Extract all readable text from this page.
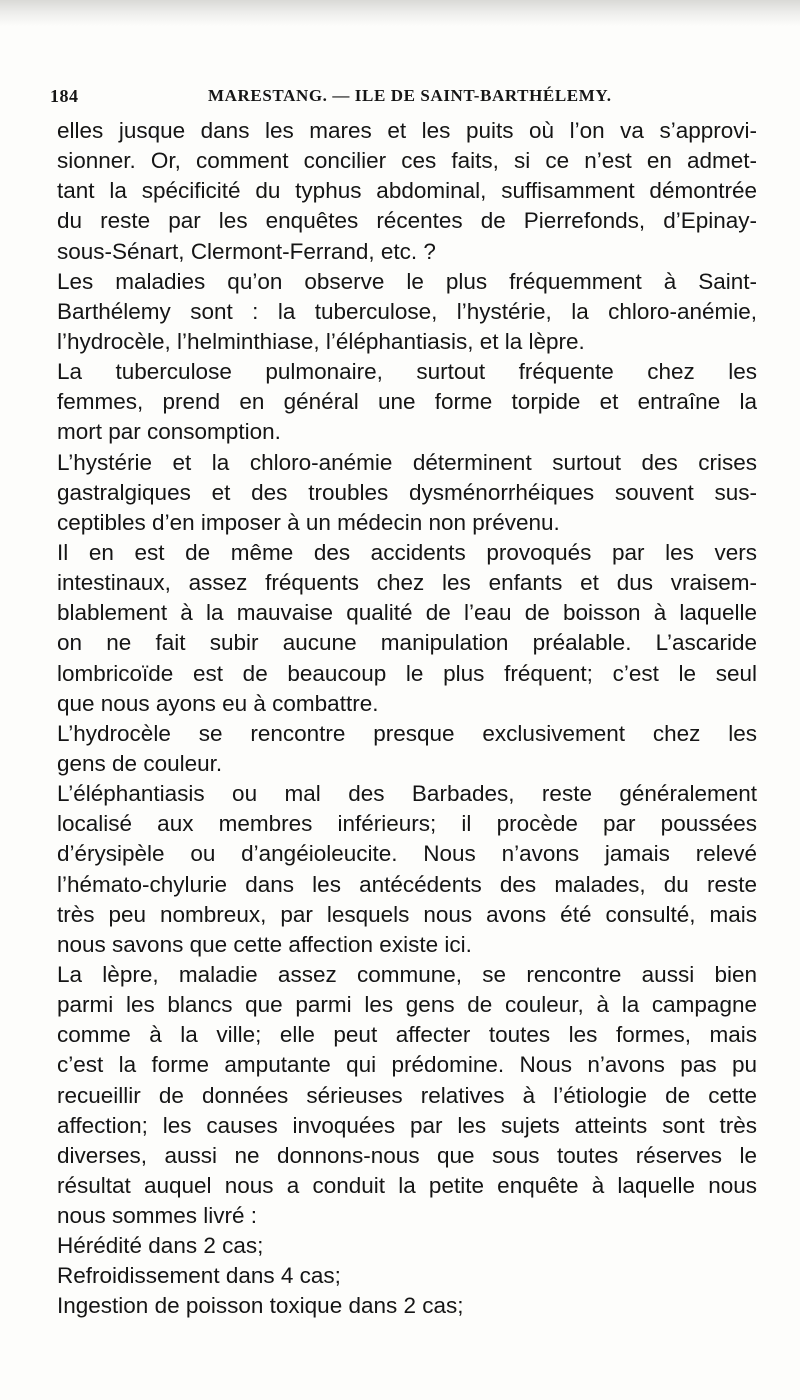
184	MARESTANG. — ILE DE SAINT-BARTHÉLEMY.
elles jusque dans les mares et les puits où l’on va s’approvi-
sionner. Or, comment concilier ces faits, si ce n’est en admet-
tant la spécificité du typhus abdominal, suffisamment démontrée
du reste par les enquêtes récentes de Pierrefonds, d’Epinay-
sous-Sénart, Clermont-Ferrand, etc. ?
Les maladies qu’on observe le plus fréquemment à Saint-
Barthélemy sont : la tuberculose, l’hystérie, la chloro-anémie,
l’hydrocèle, l’helminthiase, l’éléphantiasis, et la lèpre.
La tuberculose pulmonaire, surtout fréquente chez les
femmes, prend en général une forme torpide et entraîne la
mort par consomption.
L’hystérie et la chloro-anémie déterminent surtout des crises
gastralgiques et des troubles dysménorrhéiques souvent sus-
ceptibles d’en imposer à un médecin non prévenu.
Il en est de même des accidents provoqués par les vers
intestinaux, assez fréquents chez les enfants et dus vraisem-
blablement à la mauvaise qualité de l’eau de boisson à laquelle
on ne fait subir aucune manipulation préalable. L’ascaride
lombricoïde est de beaucoup le plus fréquent; c’est le seul
que nous ayons eu à combattre.
L’hydrocèle se rencontre presque exclusivement chez les
gens de couleur.
L’éléphantiasis ou mal des Barbades, reste généralement
localisé aux membres inférieurs; il procède par poussées
d’érysipèle ou d’angéioleucite. Nous n’avons jamais relevé
l’hémato-chylurie dans les antécédents des malades, du reste
très peu nombreux, par lesquels nous avons été consulté, mais
nous savons que cette affection existe ici.
La lèpre, maladie assez commune, se rencontre aussi bien
parmi les blancs que parmi les gens de couleur, à la campagne
comme à la ville; elle peut affecter toutes les formes, mais
c’est la forme amputante qui prédomine. Nous n’avons pas pu
recueillir de données sérieuses relatives à l’étiologie de cette
affection; les causes invoquées par les sujets atteints sont très
diverses, aussi ne donnons-nous que sous toutes réserves le
résultat auquel nous a conduit la petite enquête à laquelle nous
nous sommes livré :
Hérédité dans 2 cas;
Refroidissement dans 4 cas;
Ingestion de poisson toxique dans 2 cas;
